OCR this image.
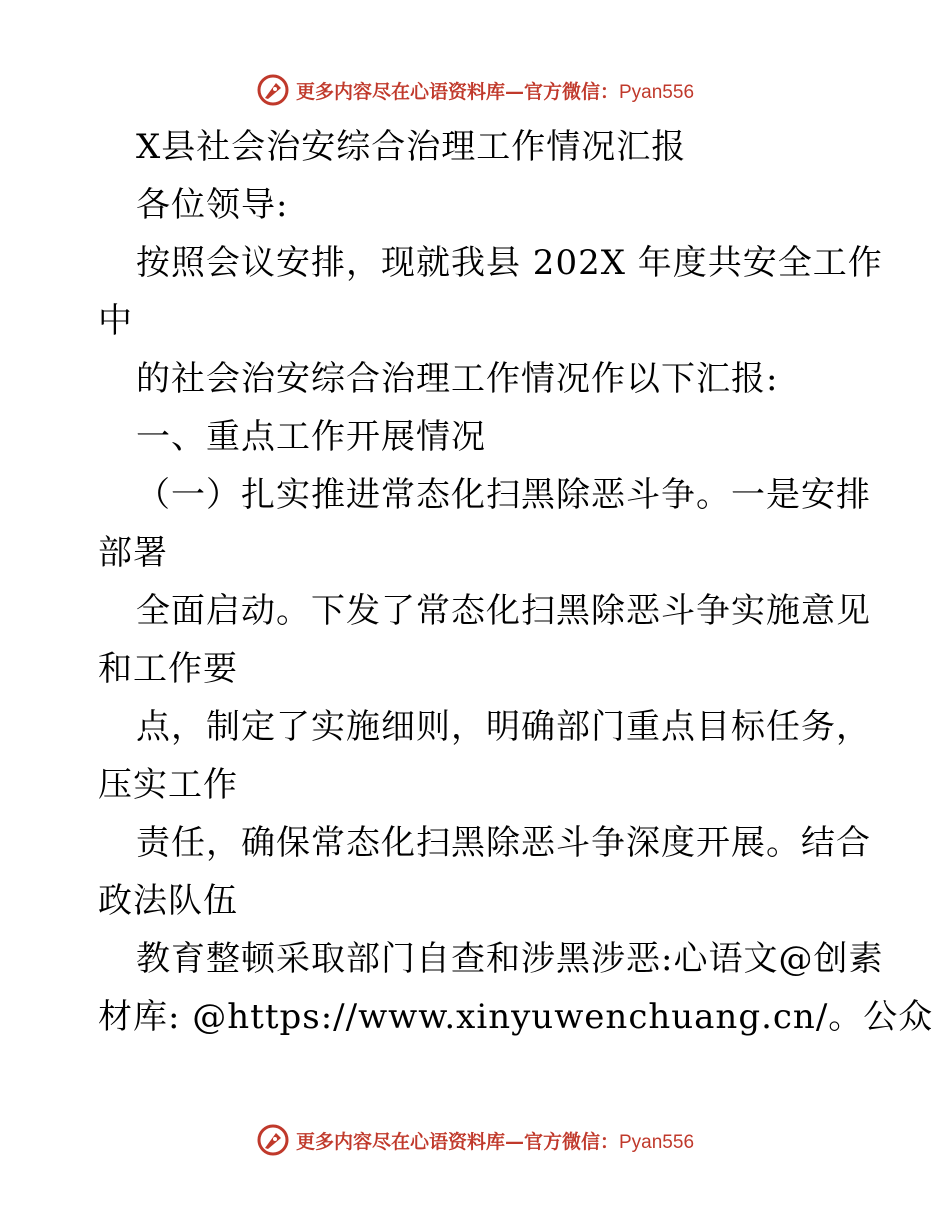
更多内容尽在心语资料库—官方微信：Pyan556
X县社会治安综合治理工作情况汇报
各位领导:
按照会议安排，现就我县 202X 年度共安全工作
中
的社会治安综合治理工作情况作以下汇报:
一、重点工作开展情况
（一）扎实推进常态化扫黑除恶斗争。一是安排
部署
全面启动。下发了常态化扫黑除恶斗争实施意见
和工作要
点，制定了实施细则，明确部门重点目标任务，
压实工作
责任，确保常态化扫黑除恶斗争深度开展。结合
政法队伍
教育整顿采取部门自查和涉黑涉恶:心语文@创素
材库: @https://www.xinyuwenchuang.cn/。公众
更多内容尽在心语资料库—官方微信：Pyan556
